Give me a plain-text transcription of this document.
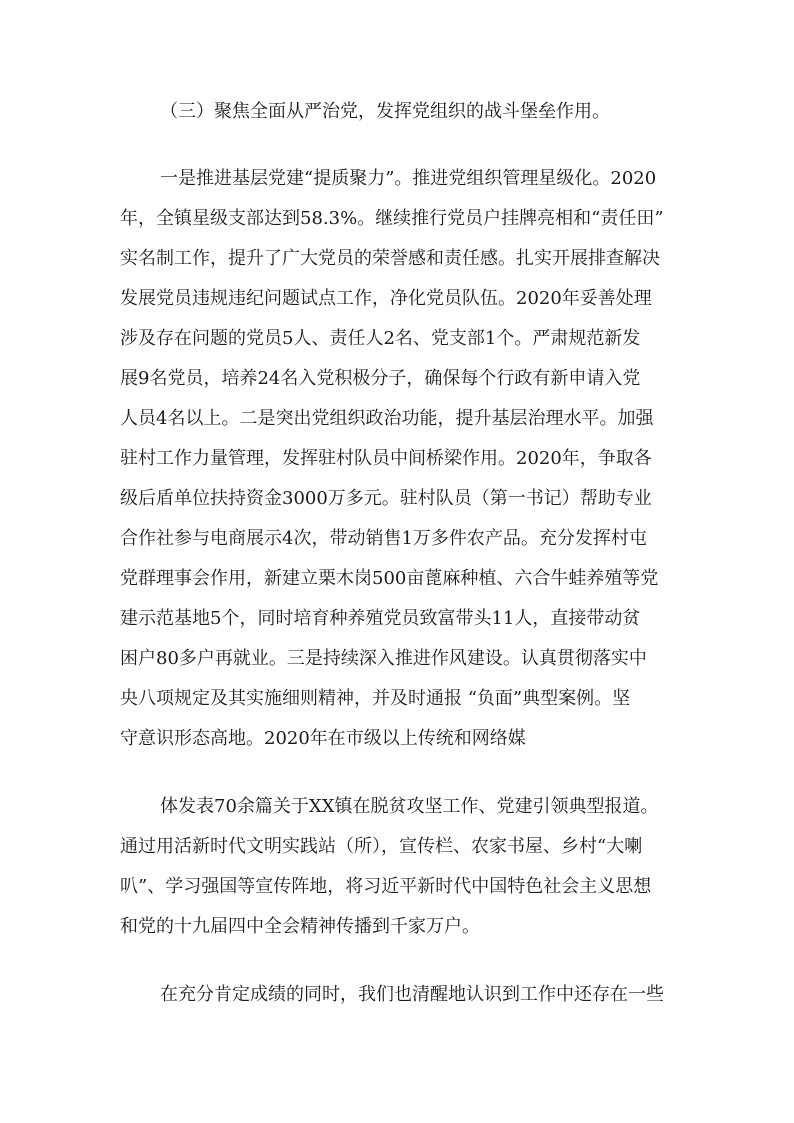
（三）聚焦全面从严治党，发挥党组织的战斗堡垒作用。
一是推进基层党建“提质聚力”。推进党组织管理星级化。2020
年，全镇星级支部达到58.3%。继续推行党员户挂牌亮相和“责任田”
实名制工作，提升了广大党员的荣誉感和责任感。扎实开展排查解决
发展党员违规违纪问题试点工作，净化党员队伍。2020年妥善处理
涉及存在问题的党员5人、责任人2名、党支部1个。严肃规范新发
展9名党员，培养24名入党积极分子，确保每个行政有新申请入党
人员4名以上。二是突出党组织政治功能，提升基层治理水平。加强
驻村工作力量管理，发挥驻村队员中间桥梁作用。2020年，争取各
级后盾单位扶持资金3000万多元。驻村队员（第一书记）帮助专业
合作社参与电商展示4次，带动销售1万多件农产品。充分发挥村屯
党群理事会作用，新建立栗木岗500亩蓖麻种植、六合牛蛙养殖等党
建示范基地5个，同时培育种养殖党员致富带头11人，直接带动贫
困户80多户再就业。三是持续深入推进作风建设。认真贯彻落实中
央八项规定及其实施细则精神，并及时通报 “负面”典型案例。坚
守意识形态高地。2020年在市级以上传统和网络媒
体发表70余篇关于XX镇在脱贫攻坚工作、党建引领典型报道。
通过用活新时代文明实践站（所），宣传栏、农家书屋、乡村“大喇
叭”、学习强国等宣传阵地，将习近平新时代中国特色社会主义思想
和党的十九届四中全会精神传播到千家万户。
在充分肯定成绩的同时，我们也清醒地认识到工作中还存在一些
